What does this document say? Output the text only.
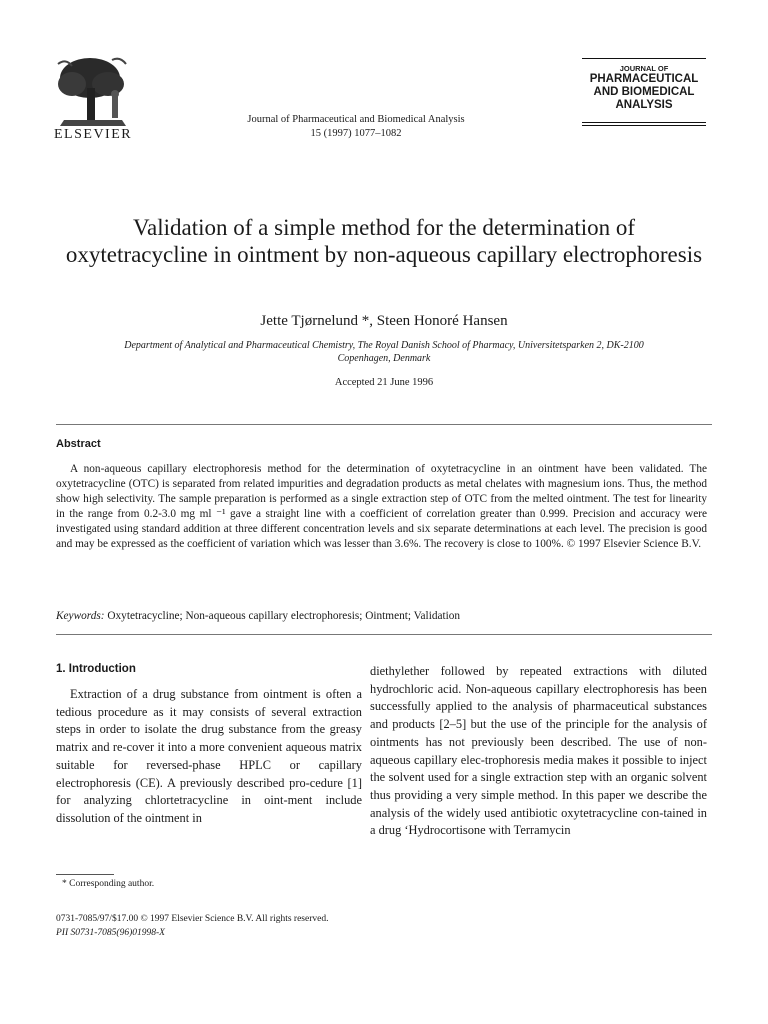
ELSEVIER
Journal of Pharmaceutical and Biomedical Analysis
15 (1997) 1077–1082
JOURNAL OF
PHARMACEUTICAL
AND BIOMEDICAL
ANALYSIS
Validation of a simple method for the determination of oxytetracycline in ointment by non-aqueous capillary electrophoresis
Jette Tjørnelund *, Steen Honoré Hansen
Department of Analytical and Pharmaceutical Chemistry, The Royal Danish School of Pharmacy, Universitetsparken 2, DK-2100 Copenhagen, Denmark
Accepted 21 June 1996
Abstract
A non-aqueous capillary electrophoresis method for the determination of oxytetracycline in an ointment have been validated. The oxytetracycline (OTC) is separated from related impurities and degradation products as metal chelates with magnesium ions. Thus, the method show high selectivity. The sample preparation is performed as a single extraction step of OTC from the melted ointment. The test for linearity in the range from 0.2-3.0 mg ml ⁻¹ gave a straight line with a coefficient of correlation greater than 0.999. Precision and accuracy were investigated using standard addition at three different concentration levels and six separate determinations at each level. The precision is good and may be expressed as the coefficient of variation which was lesser than 3.6%. The recovery is close to 100%. © 1997 Elsevier Science B.V.
Keywords: Oxytetracycline; Non-aqueous capillary electrophoresis; Ointment; Validation
1. Introduction
Extraction of a drug substance from ointment is often a tedious procedure as it may consists of several extraction steps in order to isolate the drug substance from the greasy matrix and re-cover it into a more convenient aqueous matrix suitable for reversed-phase HPLC or capillary electrophoresis (CE). A previously described pro-cedure [1] for analyzing chlortetracycline in oint-ment include dissolution of the ointment in
diethylether followed by repeated extractions with diluted hydrochloric acid. Non-aqueous capillary electrophoresis has been successfully applied to the analysis of pharmaceutical substances and products [2–5] but the use of the principle for the analysis of ointments has not previously been described. The use of non-aqueous capillary elec-trophoresis media makes it possible to inject the solvent used for a single extraction step with an organic solvent thus providing a very simple method. In this paper we describe the analysis of the widely used antibiotic oxytetracycline con-tained in a drug ‘Hydrocortisone with Terramycin
* Corresponding author.
0731-7085/97/$17.00 © 1997 Elsevier Science B.V. All rights reserved.
PII S0731-7085(96)01998-X
